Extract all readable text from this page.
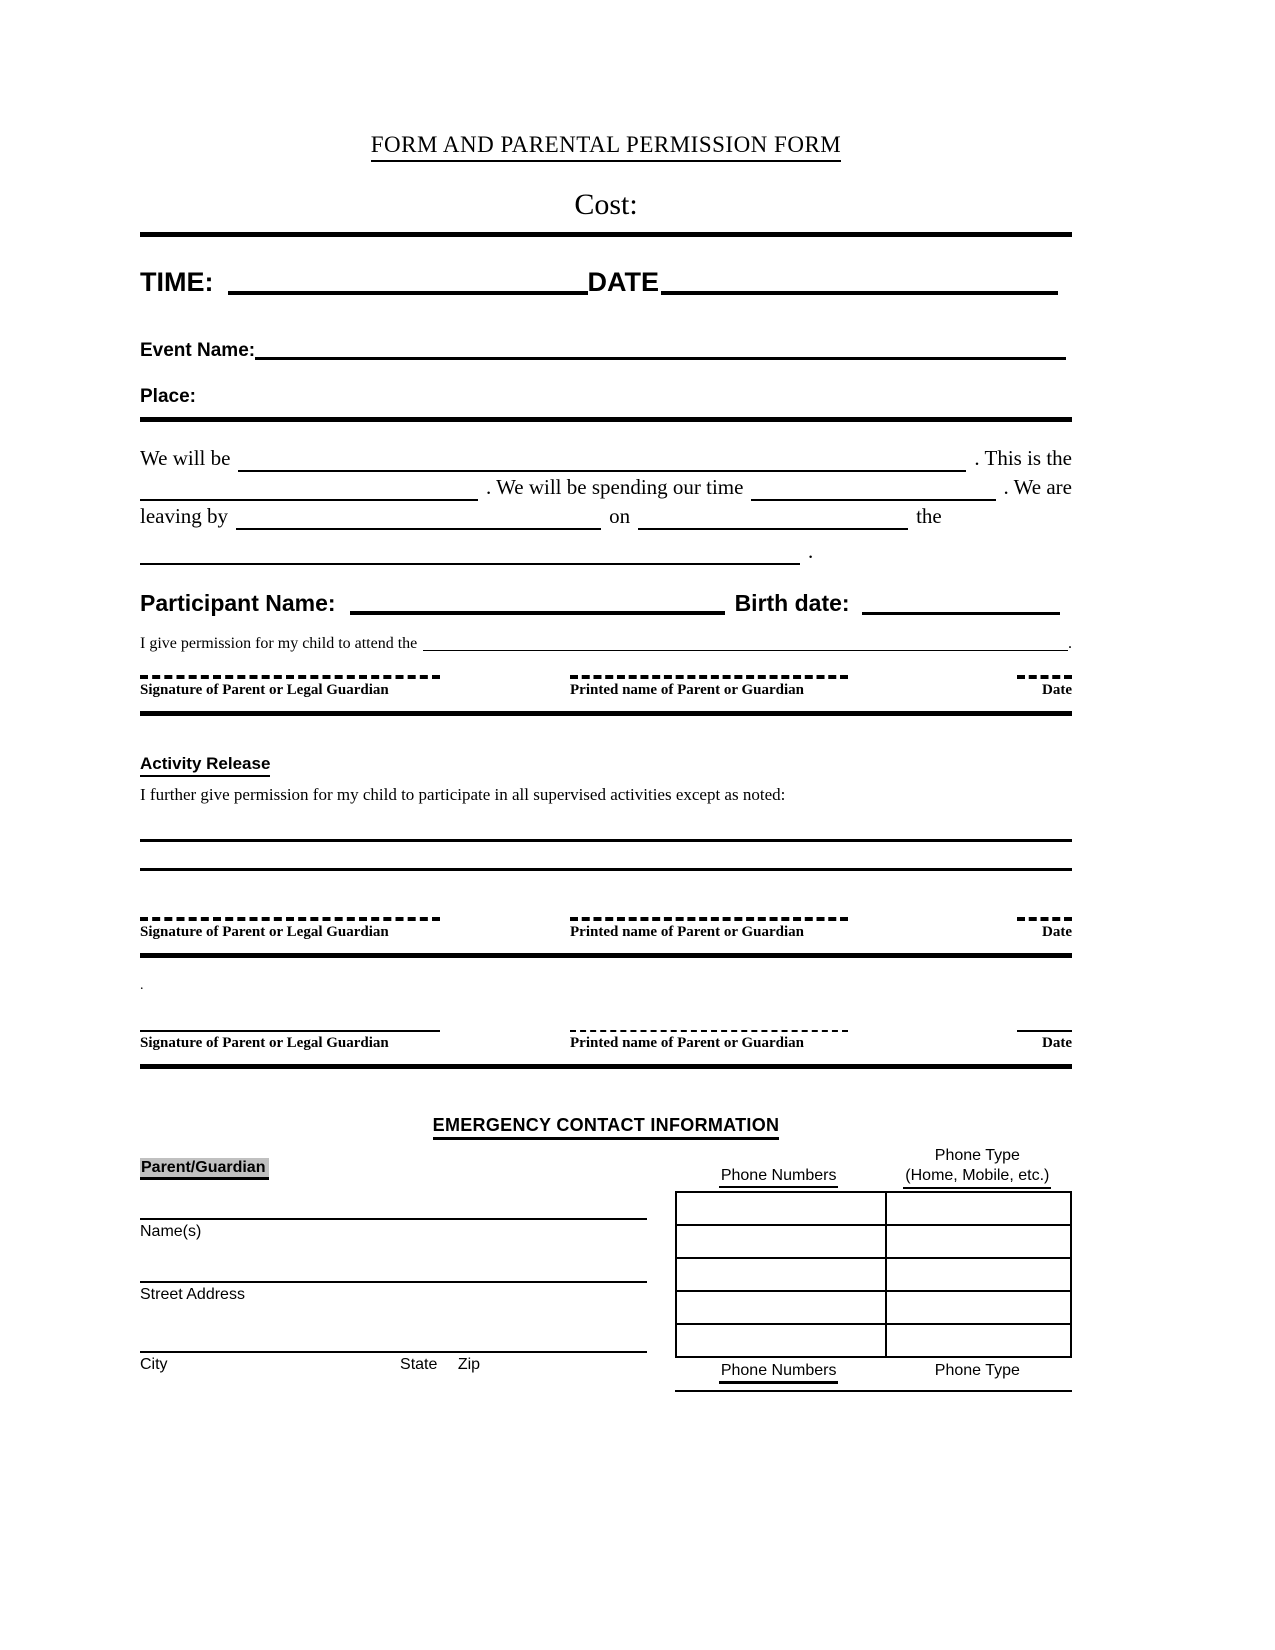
FORM AND PARENTAL PERMISSION FORM
Cost:
TIME:	DATE
Event Name:
Place:
We will be	. This is the
. We will be spending our time	. We are
leaving by	on	the
.
Participant Name:	Birth date:
I give permission for my child to attend the	.
Signature of Parent or Legal Guardian	Printed name of Parent or Guardian	Date
Activity Release
I further give permission for my child to participate in all supervised activities except as noted:
Signature of Parent or Legal Guardian	Printed name of Parent or Guardian	Date
.
Signature of Parent or Legal Guardian	Printed name of Parent or Guardian	Date
EMERGENCY CONTACT INFORMATION
Parent/Guardian
Name(s)
Street Address
City	State Zip
Phone Numbers
Phone Type
(Home, Mobile, etc.)
Phone Numbers	Phone Type
